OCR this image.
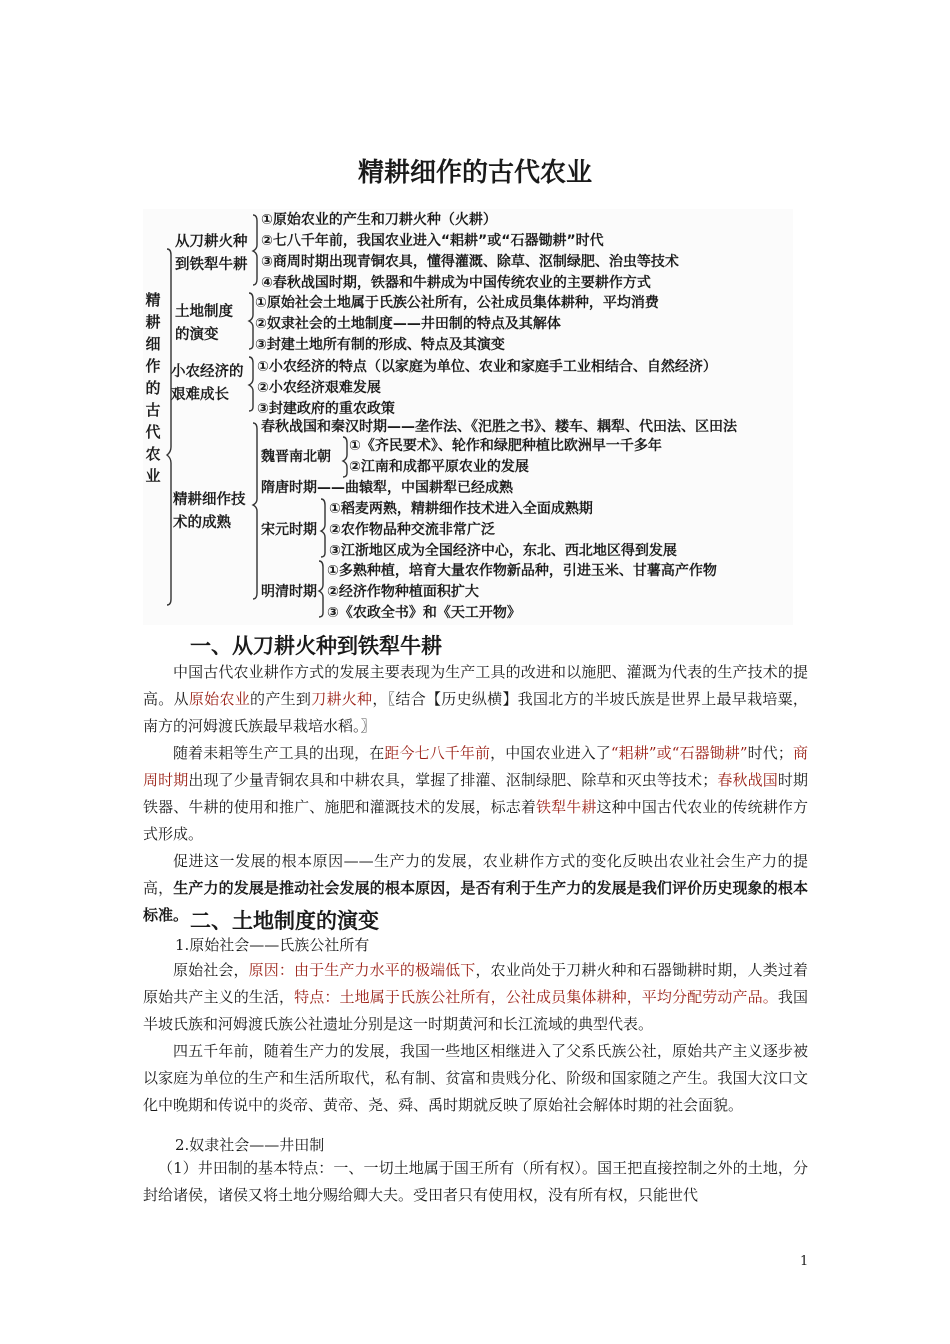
精耕细作的古代农业
精耕细作的古代农业
从刀耕火种到铁犁牛耕
①原始农业的产生和刀耕火种（火耕）
②七八千年前，我国农业进入“耜耕”或“石器锄耕”时代
③商周时期出现青铜农具，懂得灌溉、除草、沤制绿肥、治虫等技术
④春秋战国时期，铁器和牛耕成为中国传统农业的主要耕作方式
土地制度的演变
①原始社会土地属于氏族公社所有，公社成员集体耕种，平均消费
②奴隶社会的土地制度——井田制的特点及其解体
③封建土地所有制的形成、特点及其演变
小农经济的艰难成长
①小农经济的特点（以家庭为单位、农业和家庭手工业相结合、自然经济）
②小农经济艰难发展
③封建政府的重农政策
精耕细作技术的成熟
春秋战国和秦汉时期——垄作法、《汜胜之书》、耧车、耦犁、代田法、区田法
魏晋南北朝
①《齐民要术》、轮作和绿肥种植比欧洲早一千多年
②江南和成都平原农业的发展
隋唐时期——曲辕犁，中国耕犁已经成熟
宋元时期
①稻麦两熟，精耕细作技术进入全面成熟期
②农作物品种交流非常广泛
③江浙地区成为全国经济中心，东北、西北地区得到发展
明清时期
①多熟种植，培育大量农作物新品种，引进玉米、甘薯高产作物
②经济作物种植面积扩大
③《农政全书》和《天工开物》
一、从刀耕火种到铁犁牛耕

中国古代农业耕作方式的发展主要表现为生产工具的改进和以施肥、灌溉为代表的生产技术的提高。从原始农业的产生到刀耕火种，〖结合【历史纵横】我国北方的半坡氏族是世界上最早栽培粟，南方的河姆渡氏族最早栽培水稻。〗

随着耒耜等生产工具的出现，在距今七八千年前，中国农业进入了“耜耕”或“石器锄耕”时代；商周时期出现了少量青铜农具和中耕农具，掌握了排灌、沤制绿肥、除草和灭虫等技术；春秋战国时期铁器、牛耕的使用和推广、施肥和灌溉技术的发展，标志着铁犁牛耕这种中国古代农业的传统耕作方式形成。

促进这一发展的根本原因——生产力的发展，农业耕作方式的变化反映出农业社会生产力的提高，生产力的发展是推动社会发展的根本原因，是否有利于生产力的发展是我们评价历史现象的根本标准。 二、土地制度的演变
1.原始社会——氏族公社所有

原始社会，原因：由于生产力水平的极端低下，农业尚处于刀耕火种和石器锄耕时期，人类过着原始共产主义的生活，特点：土地属于氏族公社所有，公社成员集体耕种，平均分配劳动产品。我国半坡氏族和河姆渡氏族公社遗址分别是这一时期黄河和长江流域的典型代表。

四五千年前，随着生产力的发展，我国一些地区相继进入了父系氏族公社，原始共产主义逐步被以家庭为单位的生产和生活所取代，私有制、贫富和贵贱分化、阶级和国家随之产生。我国大汶口文化中晚期和传说中的炎帝、黄帝、尧、舜、禹时期就反映了原始社会解体时期的社会面貌。

2.奴隶社会——井田制

（1）井田制的基本特点：一、一切土地属于国王所有（所有权）。国王把直接控制之外的土地，分封给诸侯，诸侯又将土地分赐给卿大夫。受田者只有使用权，没有所有权，只能世代

1
